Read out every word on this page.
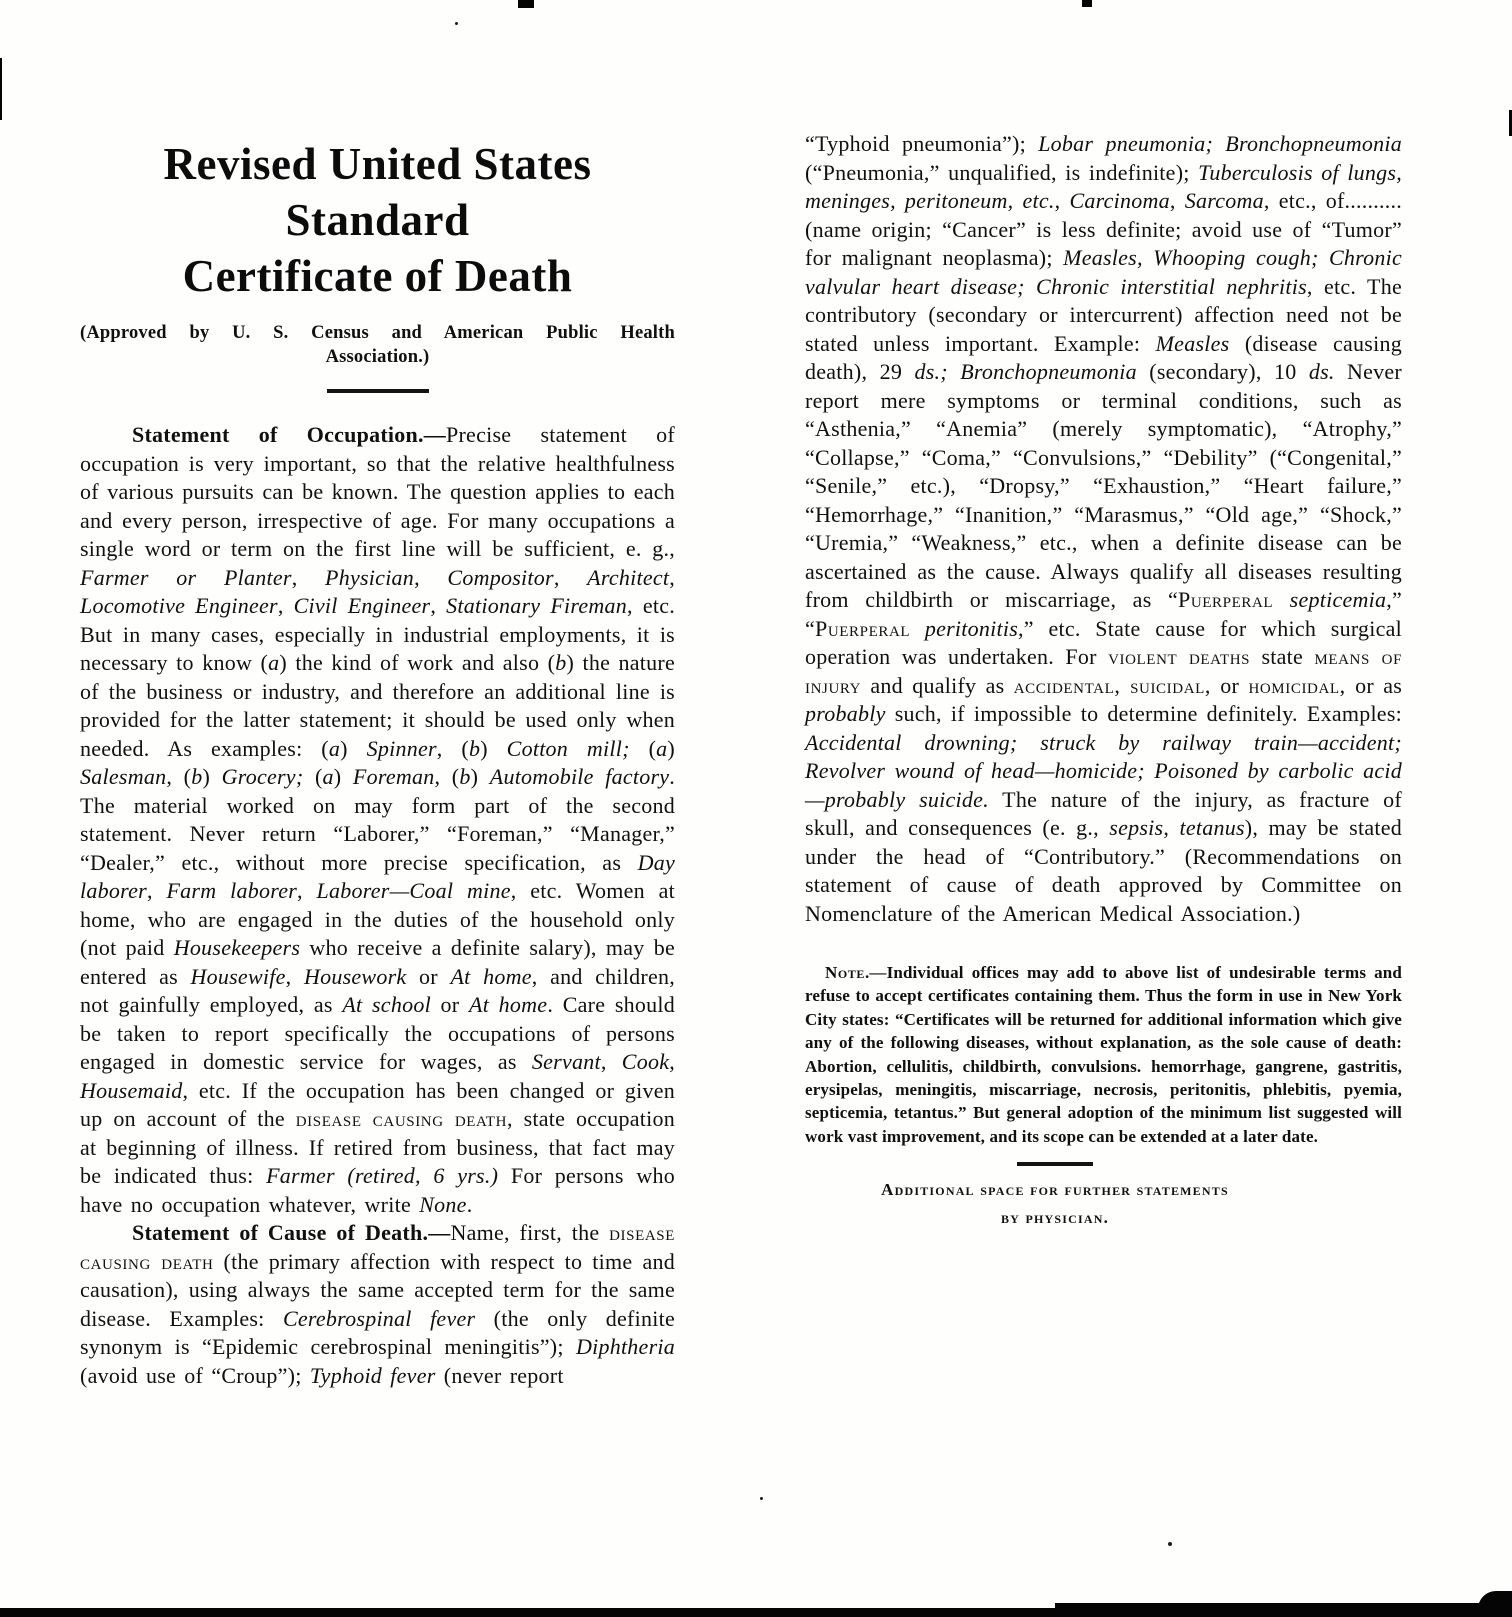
Revised United States Standard
Certificate of Death
(Approved by U. S. Census and American Public Health
Association.)

Statement of Occupation.—Precise statement of occupation is very important, so that the relative healthfulness of various pursuits can be known. The question applies to each and every person, irrespective of age. For many occupations a single word or term on the first line will be sufficient, e. g., Farmer or Planter, Physician, Compositor, Architect, Locomotive Engineer, Civil Engineer, Stationary Fireman, etc. But in many cases, especially in industrial employments, it is necessary to know (a) the kind of work and also (b) the nature of the business or industry, and therefore an additional line is provided for the latter statement; it should be used only when needed. As examples: (a) Spinner, (b) Cotton mill; (a) Salesman, (b) Grocery; (a) Foreman, (b) Automobile factory. The material worked on may form part of the second statement. Never return “Laborer,” “Foreman,” “Manager,” “Dealer,” etc., without more precise specification, as Day laborer, Farm laborer, Laborer—Coal mine, etc. Women at home, who are engaged in the duties of the household only (not paid Housekeepers who receive a definite salary), may be entered as Housewife, Housework or At home, and children, not gainfully employed, as At school or At home. Care should be taken to report specifically the occupations of persons engaged in domestic service for wages, as Servant, Cook, Housemaid, etc. If the occupation has been changed or given up on account of the disease causing death, state occupation at beginning of illness. If retired from business, that fact may be indicated thus: Farmer (retired, 6 yrs.) For persons who have no occupation whatever, write None.

Statement of Cause of Death.—Name, first, the disease causing death (the primary affection with respect to time and causation), using always the same accepted term for the same disease. Examples: Cerebrospinal fever (the only definite synonym is “Epidemic cerebrospinal meningitis”); Diphtheria (avoid use of “Croup”); Typhoid fever (never report

“Typhoid pneumonia”); Lobar pneumonia; Bronchopneumonia (“Pneumonia,” unqualified, is indefinite); Tuberculosis of lungs, meninges, peritoneum, etc., Carcinoma, Sarcoma, etc., of..........(name origin; “Cancer” is less definite; avoid use of “Tumor” for malignant neoplasma); Measles, Whooping cough; Chronic valvular heart disease; Chronic interstitial nephritis, etc. The contributory (secondary or intercurrent) affection need not be stated unless important. Example: Measles (disease causing death), 29 ds.; Bronchopneumonia (secondary), 10 ds. Never report mere symptoms or terminal conditions, such as “Asthenia,” “Anemia” (merely symptomatic), “Atrophy,” “Collapse,” “Coma,” “Convulsions,” “Debility” (“Congenital,” “Senile,” etc.), “Dropsy,” “Exhaustion,” “Heart failure,” “Hemorrhage,” “Inanition,” “Marasmus,” “Old age,” “Shock,” “Uremia,” “Weakness,” etc., when a definite disease can be ascertained as the cause. Always qualify all diseases resulting from childbirth or miscarriage, as “Puerperal septicemia,” “Puerperal peritonitis,” etc. State cause for which surgical operation was undertaken. For violent deaths state means of injury and qualify as accidental, suicidal, or homicidal, or as probably such, if impossible to determine definitely. Examples: Accidental drowning; struck by railway train—accident; Revolver wound of head—homicide; Poisoned by carbolic acid—probably suicide. The nature of the injury, as fracture of skull, and consequences (e. g., sepsis, tetanus), may be stated under the head of “Contributory.” (Recommendations on statement of cause of death approved by Committee on Nomenclature of the American Medical Association.)

Note.—Individual offices may add to above list of undesirable terms and refuse to accept certificates containing them. Thus the form in use in New York City states: “Certificates will be returned for additional information which give any of the following diseases, without explanation, as the sole cause of death: Abortion, cellulitis, childbirth, convulsions. hemorrhage, gangrene, gastritis, erysipelas, meningitis, miscarriage, necrosis, peritonitis, phlebitis, pyemia, septicemia, tetantus.” But general adoption of the minimum list suggested will work vast improvement, and its scope can be extended at a later date.

Additional space for further statements
by physician.
